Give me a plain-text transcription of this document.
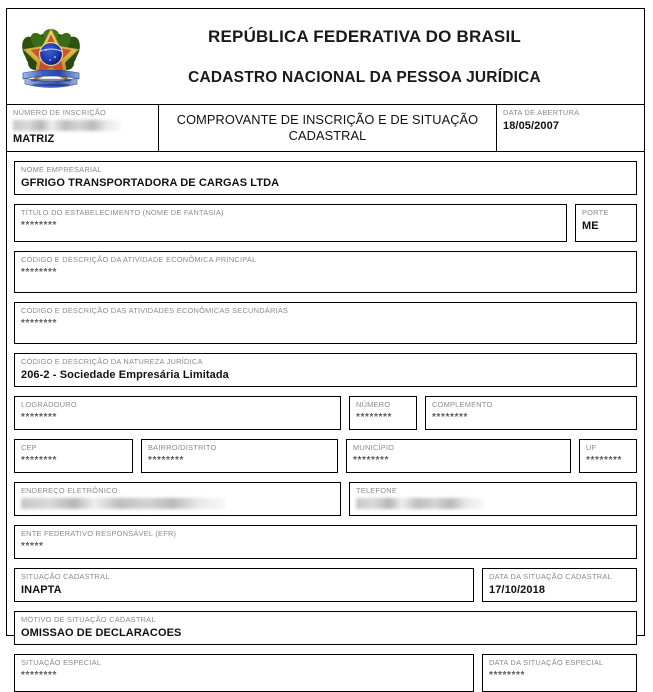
REPÚBLICA FEDERATIVA DO BRASIL
CADASTRO NACIONAL DA PESSOA JURÍDICA
NÚMERO DE INSCRIÇÃO
MATRIZ
COMPROVANTE DE INSCRIÇÃO E DE SITUAÇÃO CADASTRAL
DATA DE ABERTURA
18/05/2007
NOME EMPRESARIAL
GFRIGO TRANSPORTADORA DE CARGAS LTDA
TÍTULO DO ESTABELECIMENTO (NOME DE FANTASIA)
********
PORTE
ME
CÓDIGO E DESCRIÇÃO DA ATIVIDADE ECONÔMICA PRINCIPAL
********
CÓDIGO E DESCRIÇÃO DAS ATIVIDADES ECONÔMICAS SECUNDÁRIAS
********
CÓDIGO E DESCRIÇÃO DA NATUREZA JURÍDICA
206-2 - Sociedade Empresária Limitada
LOGRADOURO
********
NÚMERO
********
COMPLEMENTO
********
CEP
********
BAIRRO/DISTRITO
********
MUNICÍPIO
********
UF
********
ENDEREÇO ELETRÔNICO	TELEFONE
ENTE FEDERATIVO RESPONSÁVEL (EFR)
*****
SITUAÇÃO CADASTRAL
INAPTA
DATA DA SITUAÇÃO CADASTRAL
17/10/2018
MOTIVO DE SITUAÇÃO CADASTRAL
OMISSAO DE DECLARACOES
SITUAÇÃO ESPECIAL
********
DATA DA SITUAÇÃO ESPECIAL
********
